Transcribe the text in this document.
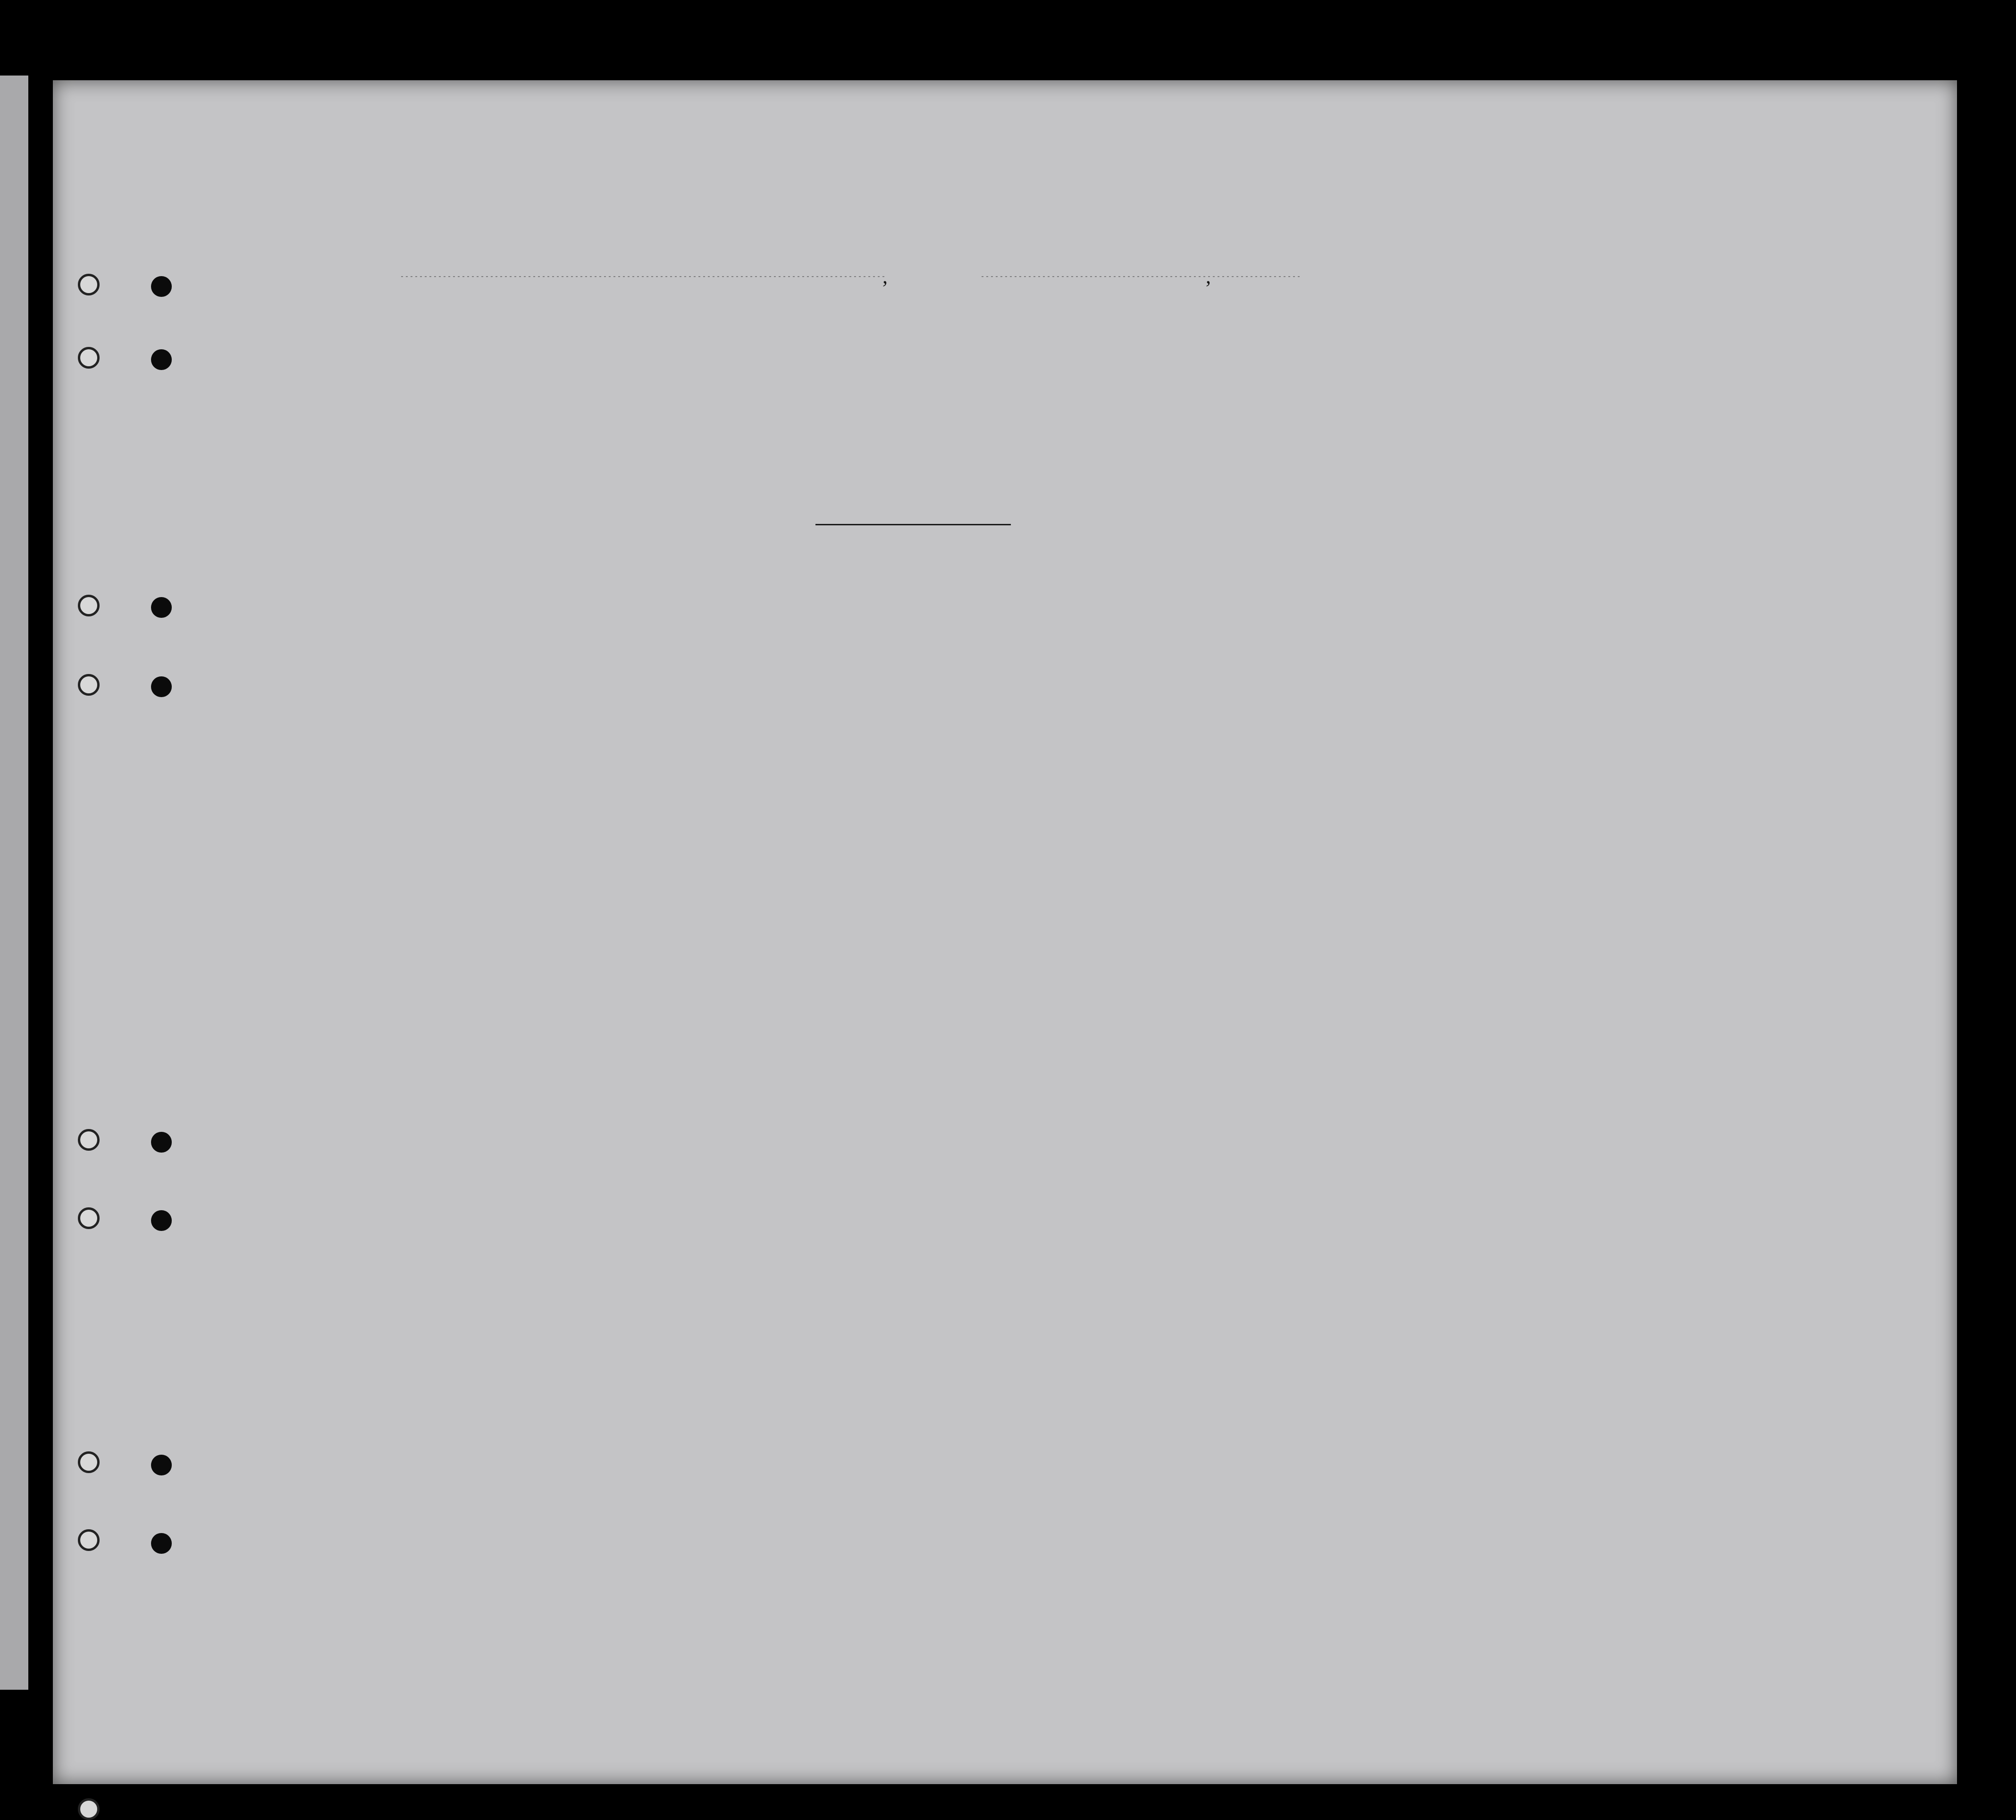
,	,
- - - - - - - - - - - -
